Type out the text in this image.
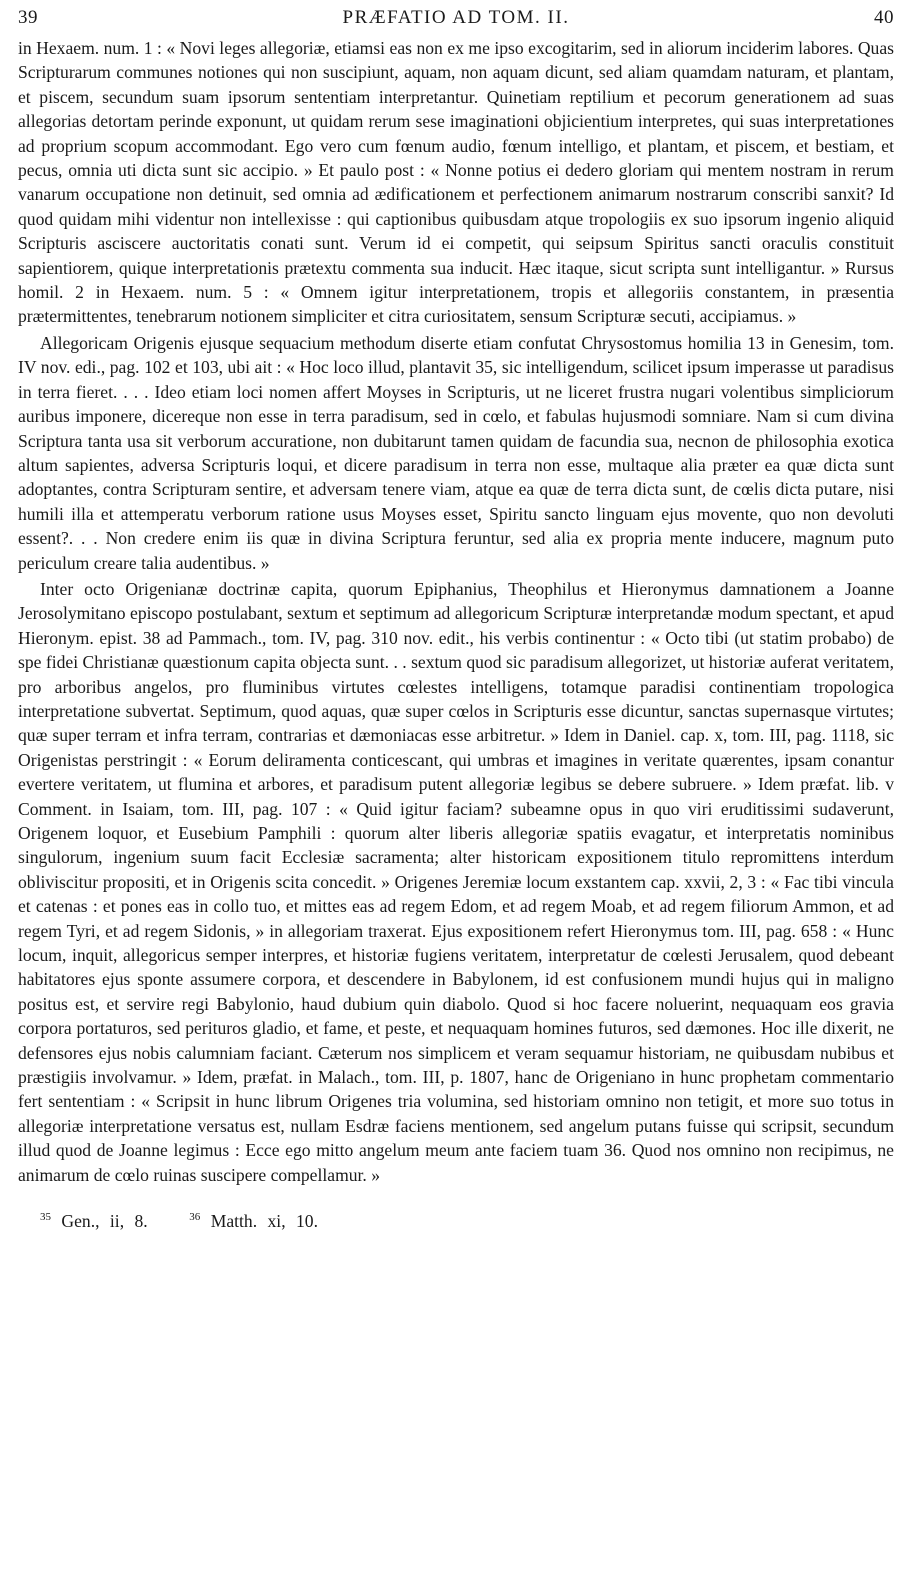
39	PRÆFATIO AD TOM. II.	40

in Hexaem. num. 1 : « Novi leges allegoriæ, etiamsi eas non ex me ipso excogitarim, sed in aliorum inciderim labores. Quas Scripturarum communes notiones qui non suscipiunt, aquam, non aquam dicunt, sed aliam quamdam naturam, et plantam, et piscem, secundum suam ipsorum sententiam interpretantur. Quinetiam reptilium et pecorum generationem ad suas allegorias detortam perinde exponunt, ut quidam rerum sese imaginationi objicientium interpretes, qui suas interpretationes ad proprium scopum accommodant. Ego vero cum fœnum audio, fœnum intelligo, et plantam, et piscem, et bestiam, et pecus, omnia uti dicta sunt sic accipio. » Et paulo post : « Nonne potius ei dedero gloriam qui mentem nostram in rerum vanarum occupatione non detinuit, sed omnia ad ædificationem et perfectionem animarum nostrarum conscribi sanxit? Id quod quidam mihi videntur non intellexisse : qui captionibus quibusdam atque tropologiis ex suo ipsorum ingenio aliquid Scripturis asciscere auctoritatis conati sunt. Verum id ei competit, qui seipsum Spiritus sancti oraculis constituit sapientiorem, quique interpretationis prætextu commenta sua inducit. Hæc itaque, sicut scripta sunt intelligantur. » Rursus homil. 2 in Hexaem. num. 5 : « Omnem igitur interpretationem, tropis et allegoriis constantem, in præsentia prætermittentes, tenebrarum notionem simpliciter et citra curiositatem, sensum Scripturæ secuti, accipiamus. »

Allegoricam Origenis ejusque sequacium methodum diserte etiam confutat Chrysostomus homilia 13 in Genesim, tom. IV nov. edi., pag. 102 et 103, ubi ait : « Hoc loco illud, plantavit 35, sic intelligendum, scilicet ipsum imperasse ut paradisus in terra fieret. . . . Ideo etiam loci nomen affert Moyses in Scripturis, ut ne liceret frustra nugari volentibus simpliciorum auribus imponere, dicereque non esse in terra paradisum, sed in cœlo, et fabulas hujusmodi somniare. Nam si cum divina Scriptura tanta usa sit verborum accuratione, non dubitarunt tamen quidam de facundia sua, necnon de philosophia exotica altum sapientes, adversa Scripturis loqui, et dicere paradisum in terra non esse, multaque alia præter ea quæ dicta sunt adoptantes, contra Scripturam sentire, et adversam tenere viam, atque ea quæ de terra dicta sunt, de cœlis dicta putare, nisi humili illa et attemperatu verborum ratione usus Moyses esset, Spiritu sancto linguam ejus movente, quo non devoluti essent?. . . Non credere enim iis quæ in divina Scriptura feruntur, sed alia ex propria mente inducere, magnum puto periculum creare talia audentibus. »

Inter octo Origenianæ doctrinæ capita, quorum Epiphanius, Theophilus et Hieronymus damnationem a Joanne Jerosolymitano episcopo postulabant, sextum et septimum ad allegoricum Scripturæ interpretandæ modum spectant, et apud Hieronym. epist. 38 ad Pammach., tom. IV, pag. 310 nov. edit., his verbis continentur : « Octo tibi (ut statim probabo) de spe fidei Christianæ quæstionum capita objecta sunt. . . sextum quod sic paradisum allegorizet, ut historiæ auferat veritatem, pro arboribus angelos, pro fluminibus virtutes cœlestes intelligens, totamque paradisi continentiam tropologica interpretatione subvertat. Septimum, quod aquas, quæ super cœlos in Scripturis esse dicuntur, sanctas supernasque virtutes; quæ super terram et infra terram, contrarias et dæmoniacas esse arbitretur. » Idem in Daniel. cap. x, tom. III, pag. 1118, sic Origenistas perstringit : « Eorum deliramenta conticescant, qui umbras et imagines in veritate quærentes, ipsam conantur evertere veritatem, ut flumina et arbores, et paradisum putent allegoriæ legibus se debere subruere. » Idem præfat. lib. v Comment. in Isaiam, tom. III, pag. 107 : « Quid igitur faciam? subeamne opus in quo viri eruditissimi sudaverunt, Origenem loquor, et Eusebium Pamphili : quorum alter liberis allegoriæ spatiis evagatur, et interpretatis nominibus singulorum, ingenium suum facit Ecclesiæ sacramenta; alter historicam expositionem titulo repromittens interdum obliviscitur propositi, et in Origenis scita concedit. » Origenes Jeremiæ locum exstantem cap. xxvii, 2, 3 : « Fac tibi vincula et catenas : et pones eas in collo tuo, et mittes eas ad regem Edom, et ad regem Moab, et ad regem filiorum Ammon, et ad regem Tyri, et ad regem Sidonis, » in allegoriam traxerat. Ejus expositionem refert Hieronymus tom. III, pag. 658 : « Hunc locum, inquit, allegoricus semper interpres, et historiæ fugiens veritatem, interpretatur de cœlesti Jerusalem, quod debeant habitatores ejus sponte assumere corpora, et descendere in Babylonem, id est confusionem mundi hujus qui in maligno positus est, et servire regi Babylonio, haud dubium quin diabolo. Quod si hoc facere noluerint, nequaquam eos gravia corpora portaturos, sed perituros gladio, et fame, et peste, et nequaquam homines futuros, sed dæmones. Hoc ille dixerit, ne defensores ejus nobis calumniam faciant. Cæterum nos simplicem et veram sequamur historiam, ne quibusdam nubibus et præstigiis involvamur. » Idem, præfat. in Malach., tom. III, p. 1807, hanc de Origeniano in hunc prophetam commentario fert sententiam : « Scripsit in hunc librum Origenes tria volumina, sed historiam omnino non tetigit, et more suo totus in allegoriæ interpretatione versatus est, nullam Esdræ faciens mentionem, sed angelum putans fuisse qui scripsit, secundum illud quod de Joanne legimus : Ecce ego mitto angelum meum ante faciem tuam 36. Quod nos omnino non recipimus, ne animarum de cœlo ruinas suscipere compellamur. »

$^{35}$ Gen., ii, 8.	$^{36}$ Matth. xi, 10.
